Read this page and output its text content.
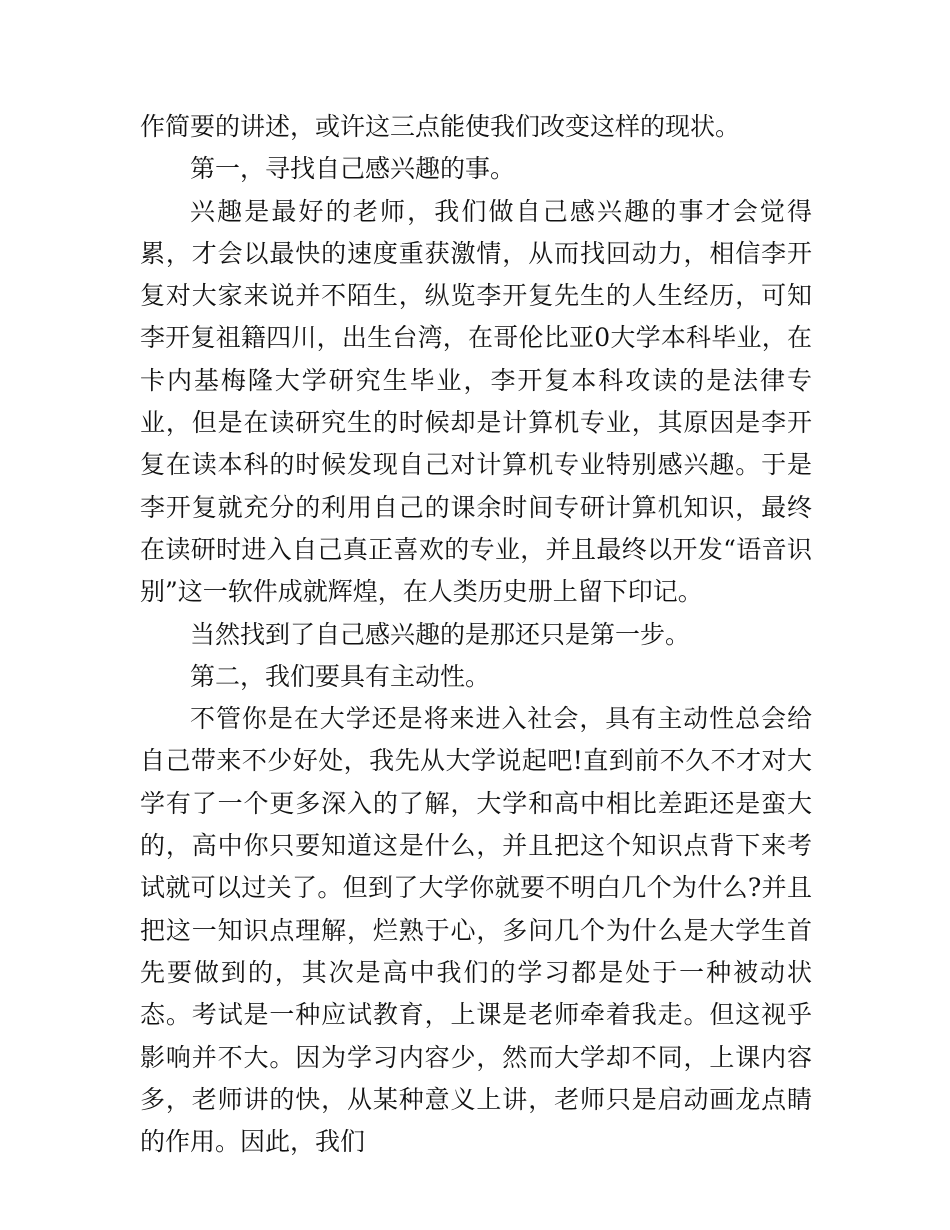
作简要的讲述，或许这三点能使我们改变这样的现状。

第一，寻找自己感兴趣的事。

兴趣是最好的老师，我们做自己感兴趣的事才会觉得累，才会以最快的速度重获激情，从而找回动力，相信李开复对大家来说并不陌生，纵览李开复先生的人生经历，可知李开复祖籍四川，出生台湾，在哥伦比亚0大学本科毕业，在卡内基梅隆大学研究生毕业，李开复本科攻读的是法律专业，但是在读研究生的时候却是计算机专业，其原因是李开复在读本科的时候发现自己对计算机专业特别感兴趣。于是李开复就充分的利用自己的课余时间专研计算机知识，最终在读研时进入自己真正喜欢的专业，并且最终以开发“语音识别”这一软件成就辉煌，在人类历史册上留下印记。

当然找到了自己感兴趣的是那还只是第一步。

第二，我们要具有主动性。

不管你是在大学还是将来进入社会，具有主动性总会给自己带来不少好处，我先从大学说起吧!直到前不久不才对大学有了一个更多深入的了解，大学和高中相比差距还是蛮大的，高中你只要知道这是什么，并且把这个知识点背下来考试就可以过关了。但到了大学你就要不明白几个为什么?并且把这一知识点理解，烂熟于心，多问几个为什么是大学生首先要做到的，其次是高中我们的学习都是处于一种被动状态。考试是一种应试教育，上课是老师牵着我走。但这视乎影响并不大。因为学习内容少，然而大学却不同，上课内容多，老师讲的快，从某种意义上讲，老师只是启动画龙点睛的作用。因此，我们
